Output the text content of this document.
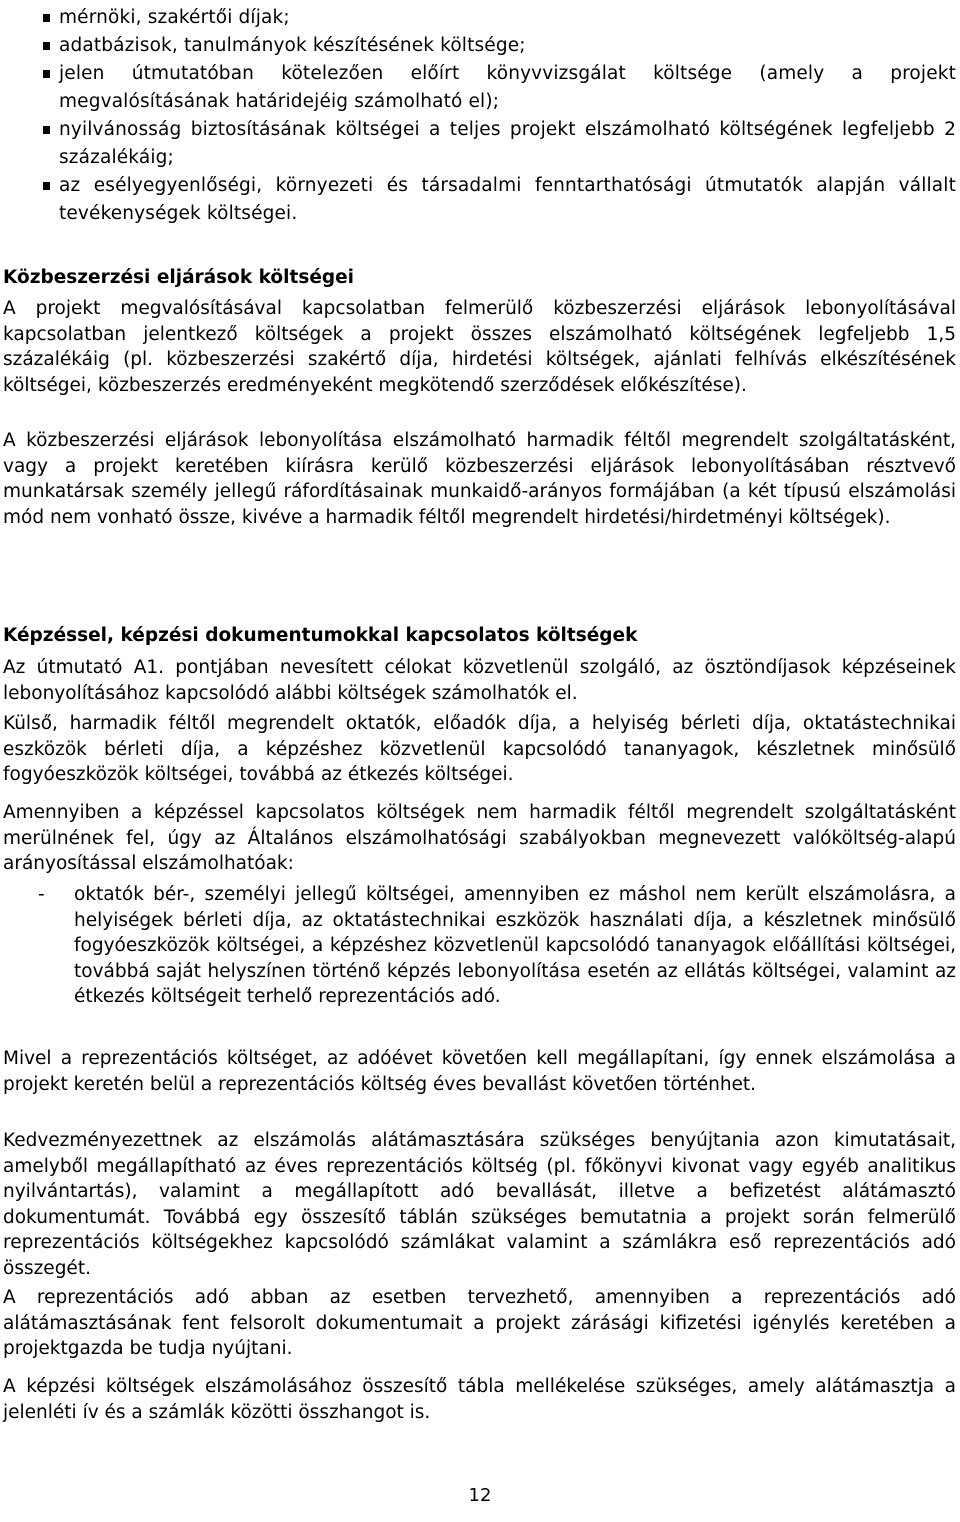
mérnöki, szakértői díjak;
adatbázisok, tanulmányok készítésének költsége;
jelen útmutatóban kötelezően előírt könyvvizsgálat költsége (amely a projekt megvalósításának határidejéig számolható el);
nyilvánosság biztosításának költségei a teljes projekt elszámolható költségének legfeljebb 2 százalékáig;
az esélyegyenlőségi, környezeti és társadalmi fenntarthatósági útmutatók alapján vállalt tevékenységek költségei.
Közbeszerzési eljárások költségei

A projekt megvalósításával kapcsolatban felmerülő közbeszerzési eljárások lebonyolításával kapcsolatban jelentkező költségek a projekt összes elszámolható költségének legfeljebb 1,5 százalékáig (pl. közbeszerzési szakértő díja, hirdetési költségek, ajánlati felhívás elkészítésének költségei, közbeszerzés eredményeként megkötendő szerződések előkészítése).

A közbeszerzési eljárások lebonyolítása elszámolható harmadik féltől megrendelt szolgáltatásként, vagy a projekt keretében kiírásra kerülő közbeszerzési eljárások lebonyolításában résztvevő munkatársak személy jellegű ráfordításainak munkaidő-arányos formájában (a két típusú elszámolási mód nem vonható össze, kivéve a harmadik féltől megrendelt hirdetési/hirdetményi költségek).

Képzéssel, képzési dokumentumokkal kapcsolatos költségek

Az útmutató A1. pontjában nevesített célokat közvetlenül szolgáló, az ösztöndíjasok képzéseinek lebonyolításához kapcsolódó alábbi költségek számolhatók el.

Külső, harmadik féltől megrendelt oktatók, előadók díja, a helyiség bérleti díja, oktatástechnikai eszközök bérleti díja, a képzéshez közvetlenül kapcsolódó tananyagok, készletnek minősülő fogyóeszközök költségei, továbbá az étkezés költségei.

Amennyiben a képzéssel kapcsolatos költségek nem harmadik féltől megrendelt szolgáltatásként merülnének fel, úgy az Általános elszámolhatósági szabályokban megnevezett valóköltség-alapú arányosítással elszámolhatóak:

- oktatók bér-, személyi jellegű költségei, amennyiben ez máshol nem került elszámolásra, a helyiségek bérleti díja, az oktatástechnikai eszközök használati díja, a készletnek minősülő fogyóeszközök költségei, a képzéshez közvetlenül kapcsolódó tananyagok előállítási költségei, továbbá saját helyszínen történő képzés lebonyolítása esetén az ellátás költségei, valamint az étkezés költségeit terhelő reprezentációs adó.

Mivel a reprezentációs költséget, az adóévet követően kell megállapítani, így ennek elszámolása a projekt keretén belül a reprezentációs költség éves bevallást követően történhet.

Kedvezményezettnek az elszámolás alátámasztására szükséges benyújtania azon kimutatásait, amelyből megállapítható az éves reprezentációs költség (pl. főkönyvi kivonat vagy egyéb analitikus nyilvántartás), valamint a megállapított adó bevallását, illetve a befizetést alátámasztó dokumentumát. Továbbá egy összesítő táblán szükséges bemutatnia a projekt során felmerülő reprezentációs költségekhez kapcsolódó számlákat valamint a számlákra eső reprezentációs adó összegét.

A reprezentációs adó abban az esetben tervezhető, amennyiben a reprezentációs adó alátámasztásának fent felsorolt dokumentumait a projekt zárásági kifizetési igénylés keretében a projektgazda be tudja nyújtani.

A képzési költségek elszámolásához összesítő tábla mellékelése szükséges, amely alátámasztja a jelenléti ív és a számlák közötti összhangot is.

12
